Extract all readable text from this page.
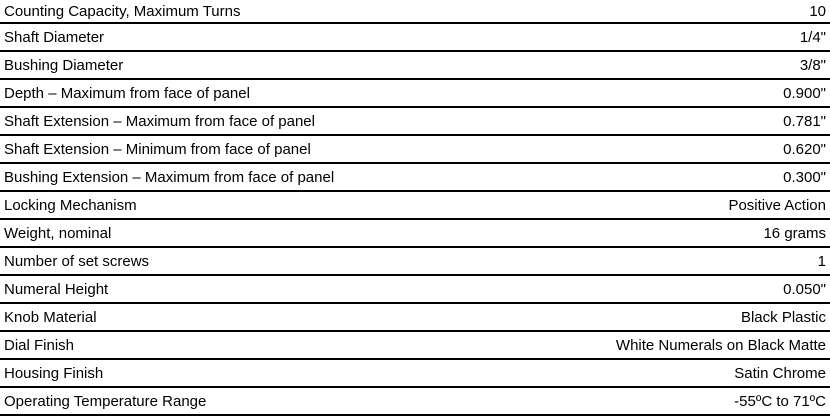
Counting Capacity, Maximum Turns	10
Shaft Diameter	1/4"
Bushing Diameter	3/8"
Depth – Maximum from face of panel	0.900"
Shaft Extension – Maximum from face of panel	0.781"
Shaft Extension – Minimum from face of panel	0.620"
Bushing Extension – Maximum from face of panel	0.300"
Locking Mechanism	Positive Action
Weight, nominal	16 grams
Number of set screws	1
Numeral Height	0.050"
Knob Material	Black Plastic
Dial Finish	White Numerals on Black Matte
Housing Finish	Satin Chrome
Operating Temperature Range	-55ºC to 71ºC
